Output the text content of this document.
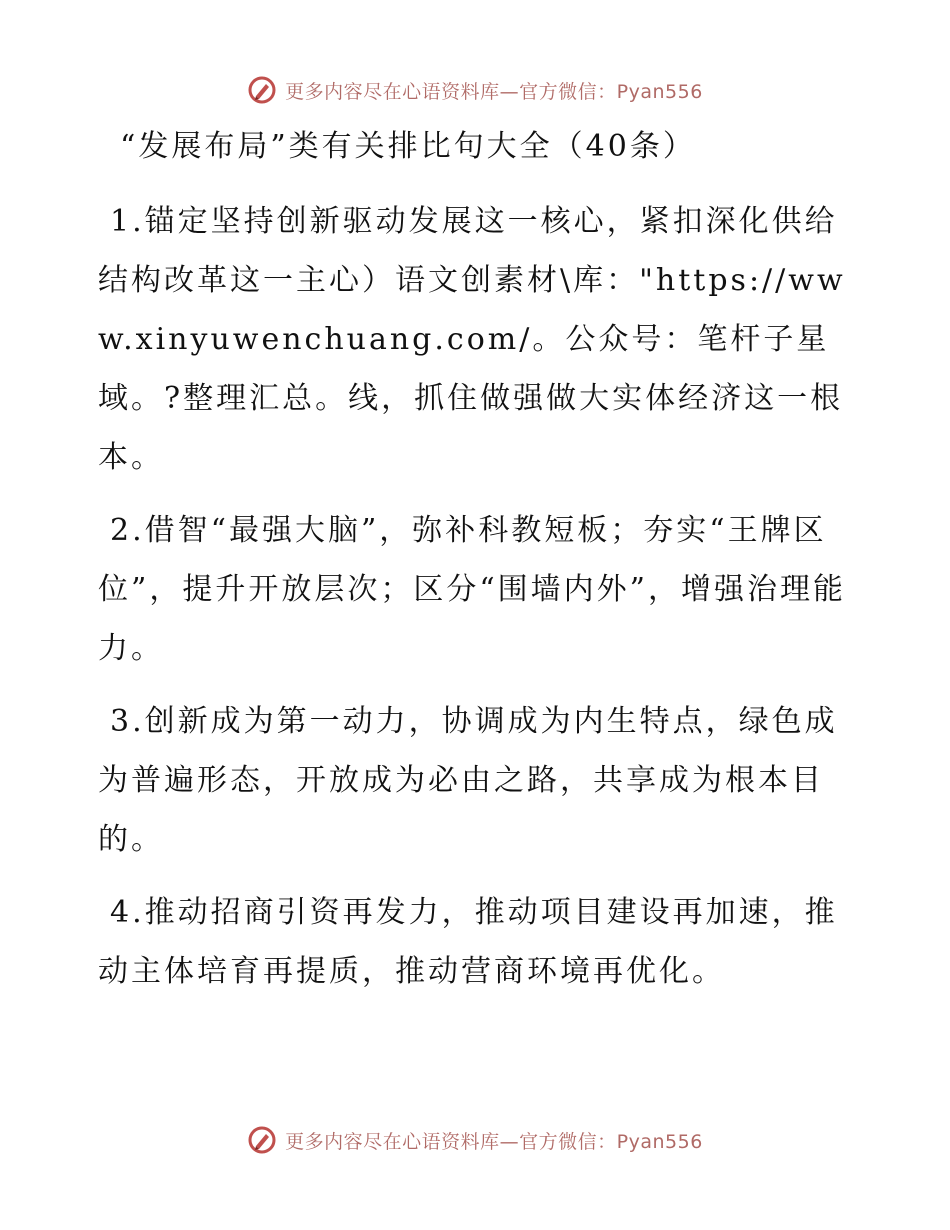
更多内容尽在心语资料库—官方微信：Pyan556
“发展布局”类有关排比句大全（40条）

1.锚定坚持创新驱动发展这一核心，紧扣深化供给结构改革这一主心）语文创素材\库："https://www.xinyuwenchuang.com/。公众号：笔杆子星域。?整理汇总。线，抓住做强做大实体经济这一根本。

2.借智“最强大脑”，弥补科教短板；夯实“王牌区位”，提升开放层次；区分“围墙内外”，增强治理能力。

3.创新成为第一动力，协调成为内生特点，绿色成为普遍形态，开放成为必由之路，共享成为根本目的。

4.推动招商引资再发力，推动项目建设再加速，推动主体培育再提质，推动营商环境再优化。

更多内容尽在心语资料库—官方微信：Pyan556
